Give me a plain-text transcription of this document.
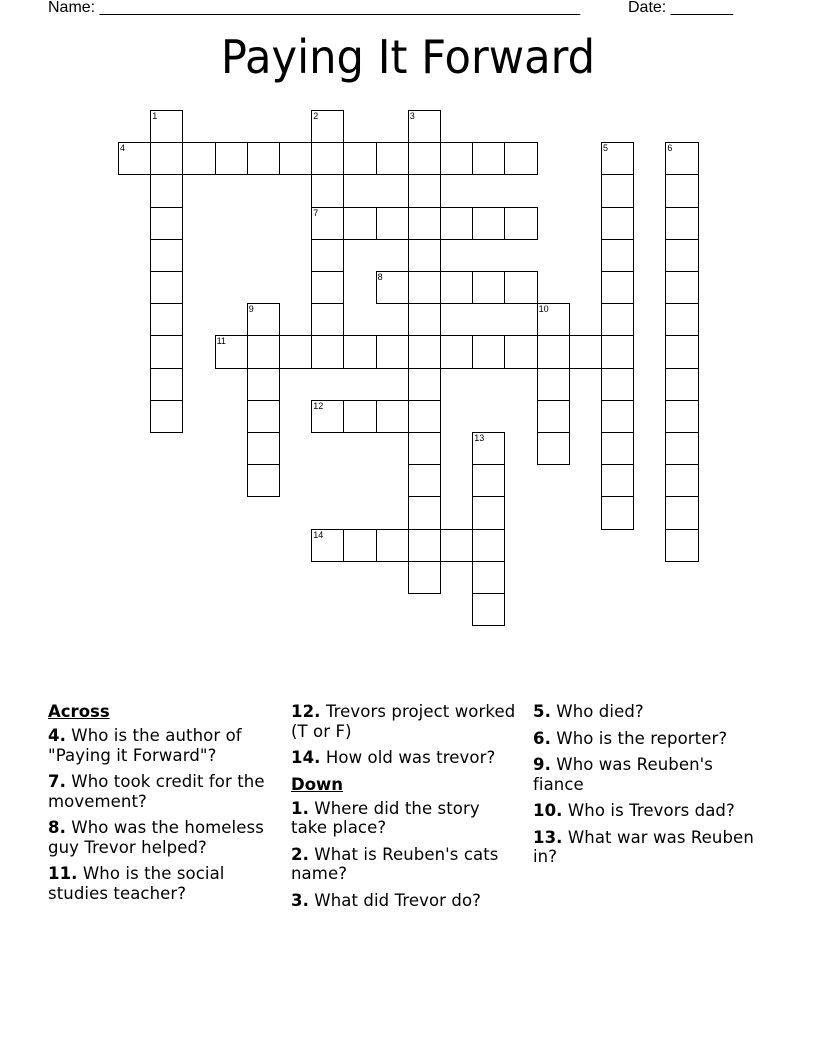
Name: ______________________________________________________	Date: _______
Paying It Forward
1	2
7
3
4	5	6
8
9	10
11
12
13
14
Across
4. Who is the author of "Paying it Forward"?
7. Who took credit for the movement?
8. Who was the homeless guy Trevor helped?
11. Who is the social studies teacher?
12. Trevors project worked (T or F)
14. How old was trevor?
Down
1. Where did the story take place?
2. What is Reuben's cats name?
3. What did Trevor do?
5. Who died?
6. Who is the reporter?
9. Who was Reuben's fiance
10. Who is Trevors dad?
13. What war was Reuben in?
